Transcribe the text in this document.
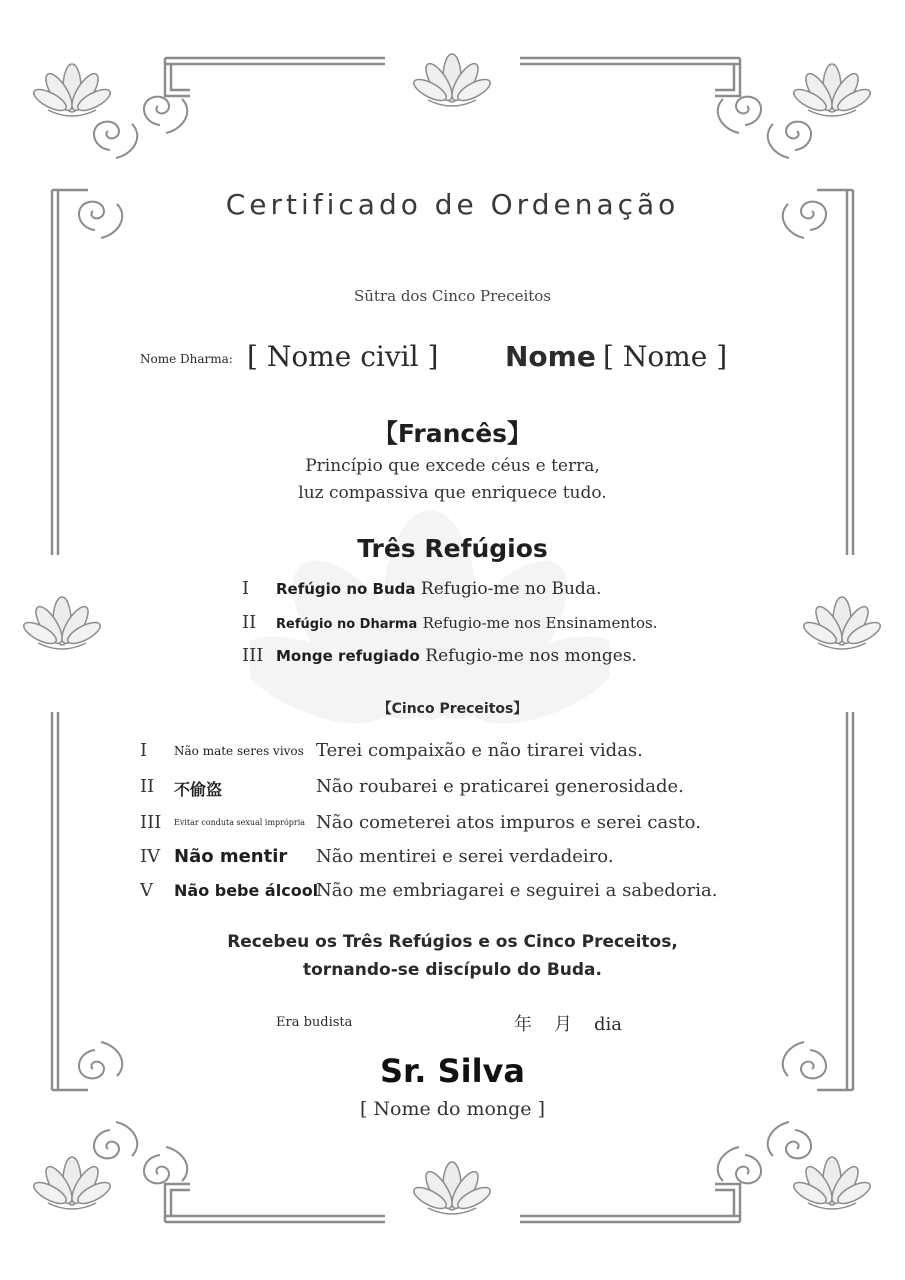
Certificado de Ordenação
Sūtra dos Cinco Preceitos
Nome Dharma: [ Nome civil ] Nome [ Nome ]
【Francês】
Princípio que excede céus e terra,
luz compassiva que enriquece tudo.
Três Refúgios
I Refúgio no Buda Refugio-me no Buda.
II Refúgio no Dharma Refugio-me nos Ensinamentos.
III Monge refugiado Refugio-me nos monges.
【Cinco Preceitos】
I Não mate seres vivos Terei compaixão e não tirarei vidas.
II 不偷盗	Não roubarei e praticarei generosidade.
III Evitar conduta sexual imprópria Não cometerei atos impuros e serei casto.
IV Não mentir Não mentirei e serei verdadeiro.
V Não bebe álcool
Não me embriagarei e seguirei a sabedoria.
Recebeu os Três Refúgios e os Cinco Preceitos,
tornando-se discípulo do Buda.
Era budista	年 月 dia
Sr. Silva
[ Nome do monge ]
